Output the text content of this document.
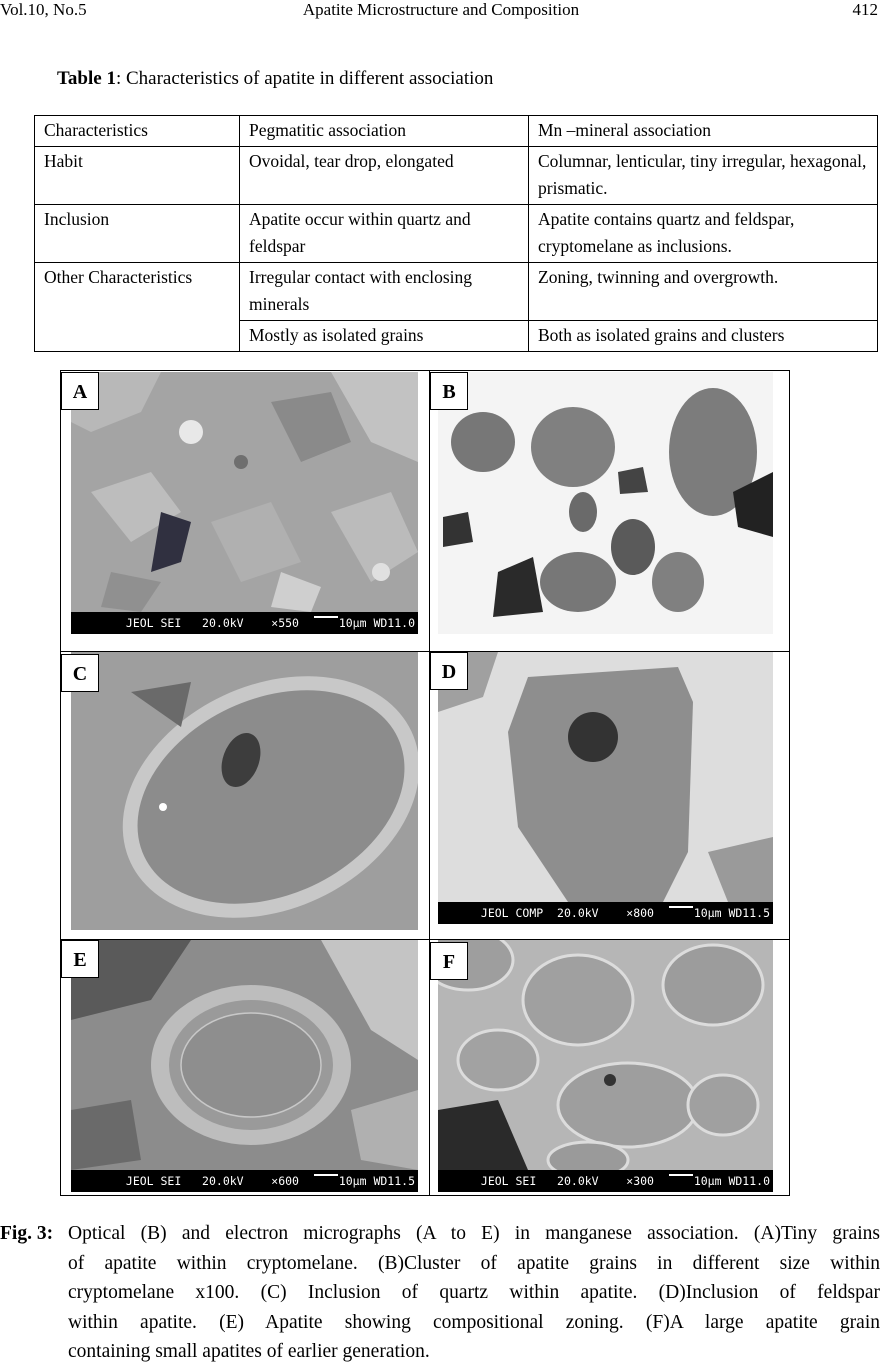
Vol.10, No.5	Apatite Microstructure and Composition	412
Table 1: Characteristics of apatite in different association
Characteristics	Pegmatitic association	Mn –mineral association
Habit	Ovoidal, tear drop, elongated	Columnar, lenticular, tiny irregular, hexagonal, prismatic.
Inclusion	Apatite occur within quartz and feldspar	Apatite contains quartz and feldspar, cryptomelane as inclusions.
Other Characteristics	Irregular contact with enclosing minerals	Zoning, twinning and overgrowth.
	Mostly as isolated grains	Both as isolated grains and clusters
JEOL SEI   20.0kV    ×550  10μm WD11.0
JEOL COMP  20.0kV    ×800  10μm WD11.5
JEOL SEI   20.0kV    ×600  10μm WD11.5	JEOL SEI   20.0kV    ×300  10μm WD11.0
A	B
C	D
E	F
Fig. 3: Optical (B) and electron micrographs (A to E) in manganese association. (A)Tiny grains
of apatite within cryptomelane. (B)Cluster of apatite grains in different size within
cryptomelane x100. (C) Inclusion of quartz within apatite. (D)Inclusion of feldspar
within apatite. (E) Apatite showing compositional zoning. (F)A large apatite grain
containing small apatites of earlier generation.
